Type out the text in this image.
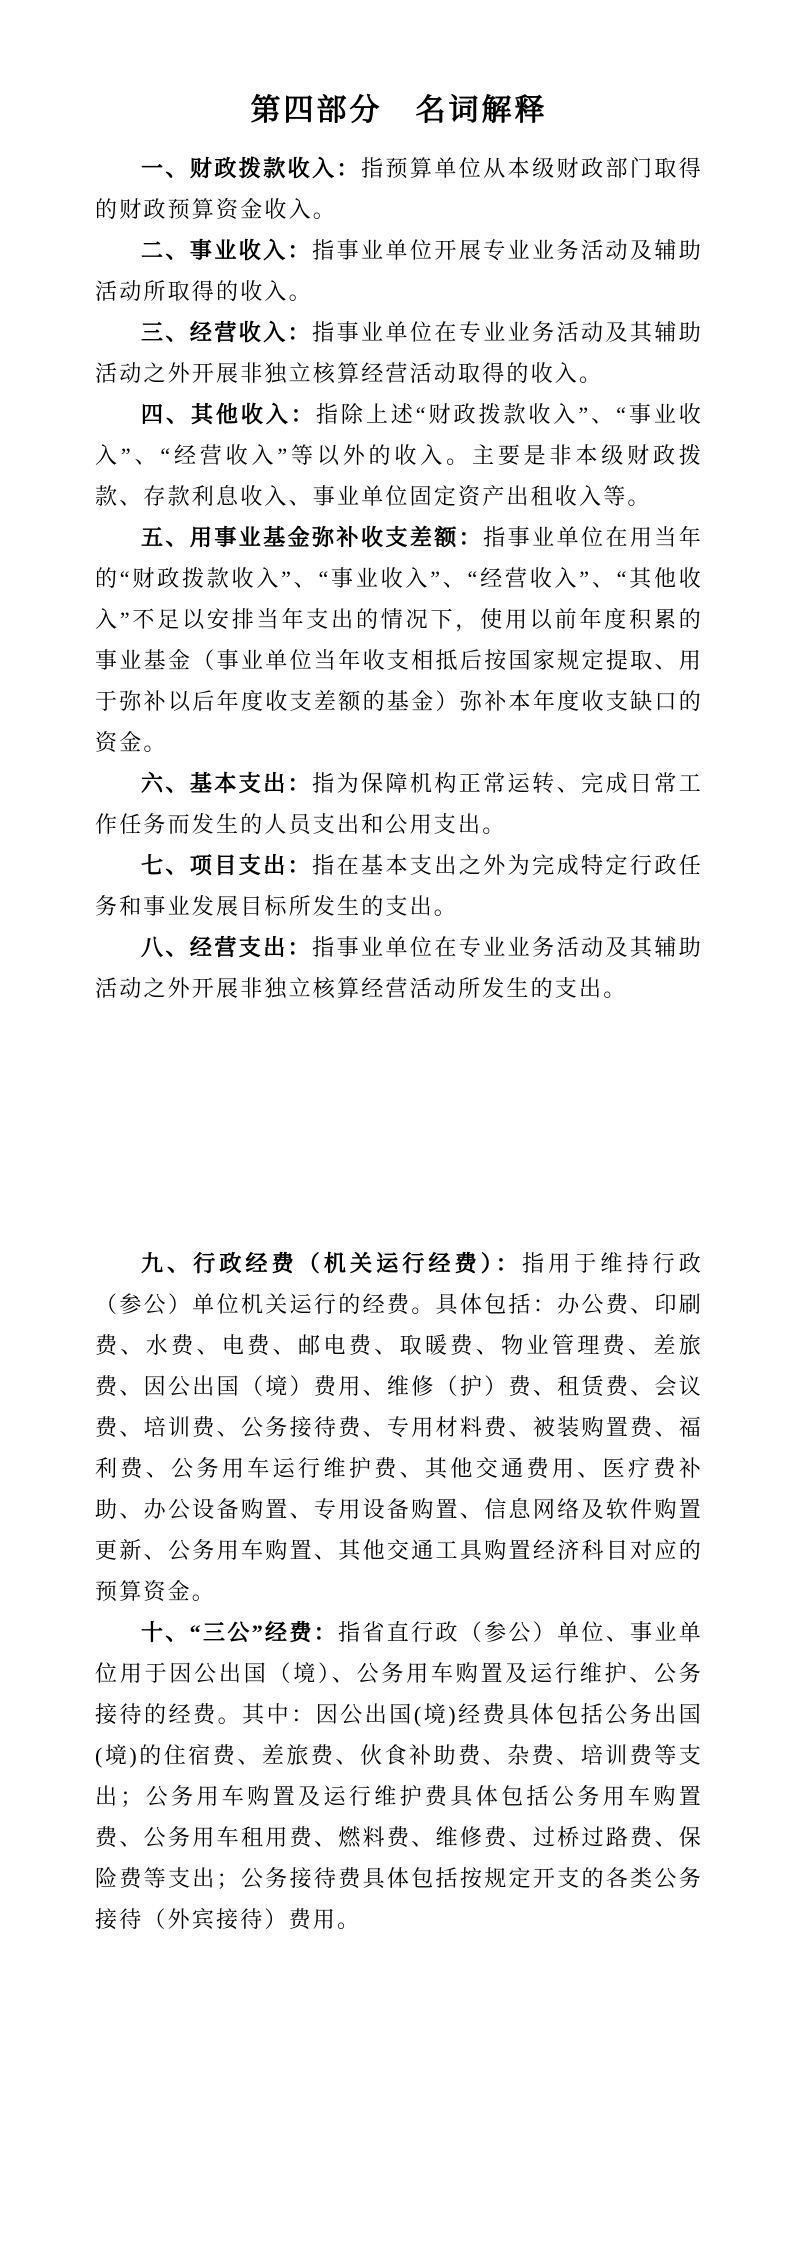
第四部分　名词解释

一、财政拨款收入：指预算单位从本级财政部门取得的财政预算资金收入。

二、事业收入：指事业单位开展专业业务活动及辅助活动所取得的收入。

三、经营收入：指事业单位在专业业务活动及其辅助活动之外开展非独立核算经营活动取得的收入。

四、其他收入：指除上述“财政拨款收入”、“事业收入”、“经营收入”等以外的收入。主要是非本级财政拨款、存款利息收入、事业单位固定资产出租收入等。

五、用事业基金弥补收支差额：指事业单位在用当年的“财政拨款收入”、“事业收入”、“经营收入”、“其他收入”不足以安排当年支出的情况下，使用以前年度积累的事业基金（事业单位当年收支相抵后按国家规定提取、用于弥补以后年度收支差额的基金）弥补本年度收支缺口的资金。

六、基本支出：指为保障机构正常运转、完成日常工作任务而发生的人员支出和公用支出。

七、项目支出：指在基本支出之外为完成特定行政任务和事业发展目标所发生的支出。

八、经营支出：指事业单位在专业业务活动及其辅助活动之外开展非独立核算经营活动所发生的支出。

九、行政经费（机关运行经费）：指用于维持行政（参公）单位机关运行的经费。具体包括：办公费、印刷费、水费、电费、邮电费、取暖费、物业管理费、差旅费、因公出国（境）费用、维修（护）费、租赁费、会议费、培训费、公务接待费、专用材料费、被装购置费、福利费、公务用车运行维护费、其他交通费用、医疗费补助、办公设备购置、专用设备购置、信息网络及软件购置更新、公务用车购置、其他交通工具购置经济科目对应的预算资金。

十、“三公”经费：指省直行政（参公）单位、事业单位用于因公出国（境）、公务用车购置及运行维护、公务接待的经费。其中：因公出国(境)经费具体包括公务出国(境)的住宿费、差旅费、伙食补助费、杂费、培训费等支出；公务用车购置及运行维护费具体包括公务用车购置费、公务用车租用费、燃料费、维修费、过桥过路费、保险费等支出；公务接待费具体包括按规定开支的各类公务接待（外宾接待）费用。
